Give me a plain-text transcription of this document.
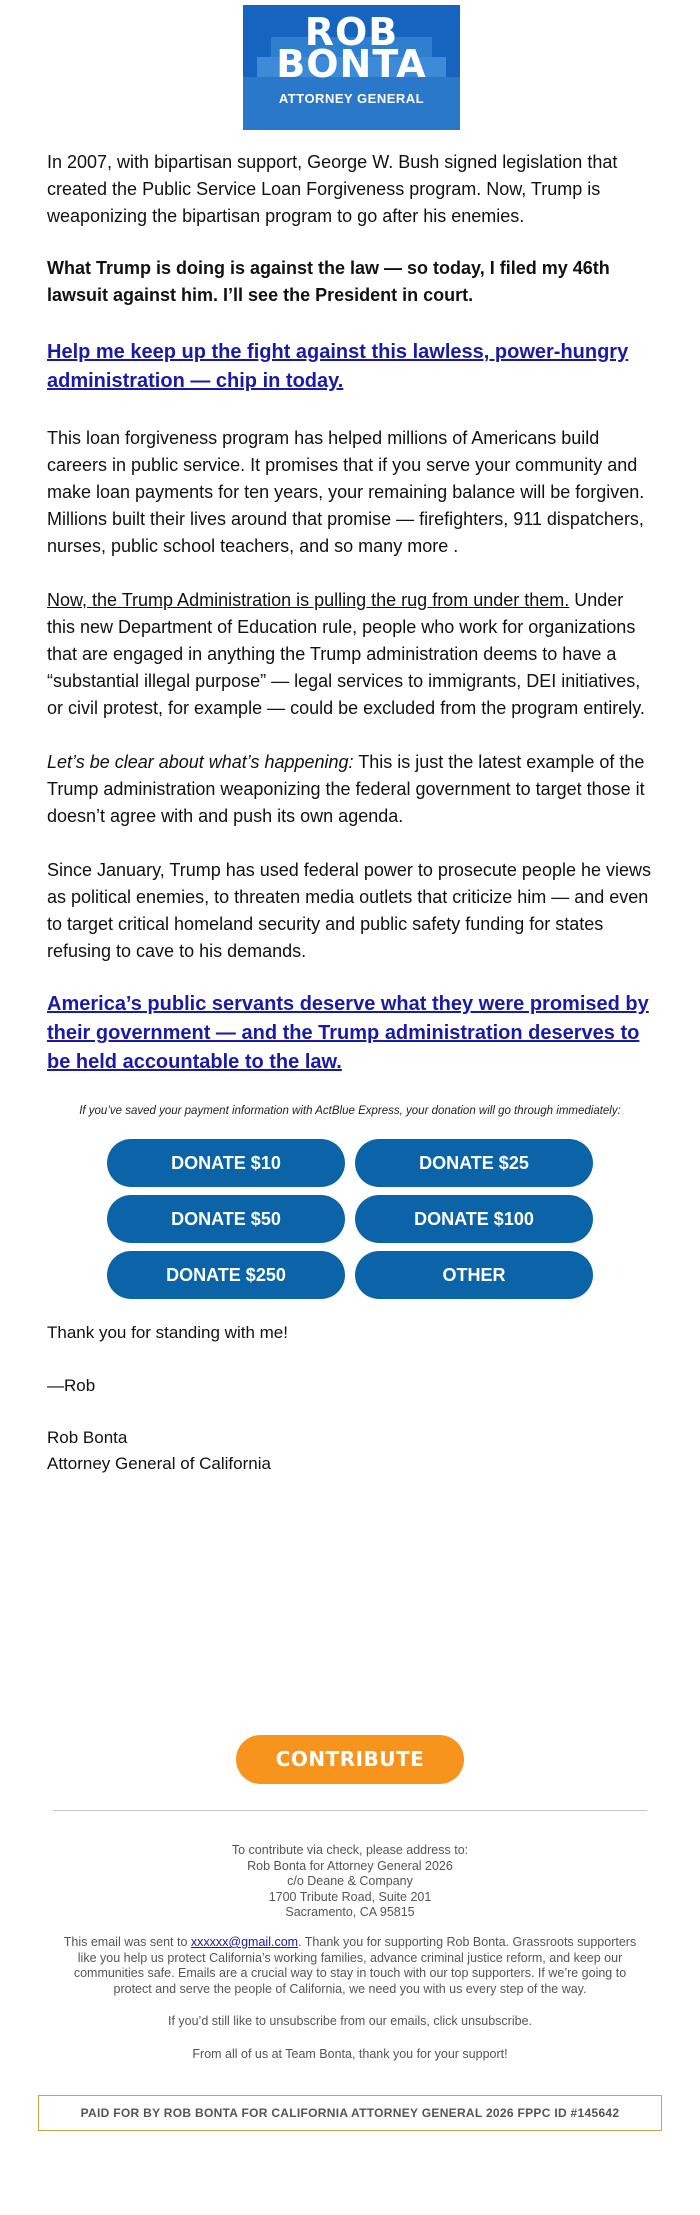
ROB
BONTA
ATTORNEY GENERAL

In 2007, with bipartisan support, George W. Bush signed legislation that created the Public Service Loan Forgiveness program. Now, Trump is weaponizing the bipartisan program to go after his enemies.

What Trump is doing is against the law — so today, I filed my 46th lawsuit against him. I’ll see the President in court.

Help me keep up the fight against this lawless, power-hungry administration — chip in today.

This loan forgiveness program has helped millions of Americans build careers in public service. It promises that if you serve your community and make loan payments for ten years, your remaining balance will be forgiven. Millions built their lives around that promise — firefighters, 911 dispatchers, nurses, public school teachers, and so many more .

Now, the Trump Administration is pulling the rug from under them. Under this new Department of Education rule, people who work for organizations that are engaged in anything the Trump administration deems to have a “substantial illegal purpose” — legal services to immigrants, DEI initiatives, or civil protest, for example — could be excluded from the program entirely.

Let’s be clear about what’s happening: This is just the latest example of the Trump administration weaponizing the federal government to target those it doesn’t agree with and push its own agenda.

Since January, Trump has used federal power to prosecute people he views as political enemies, to threaten media outlets that criticize him — and even to target critical homeland security and public safety funding for states refusing to cave to his demands.

America’s public servants deserve what they were promised by their government — and the Trump administration deserves to be held accountable to the law.
If you’ve saved your payment information with ActBlue Express, your donation will go through immediately:
DONATE $10	DONATE $25
DONATE $50	DONATE $100
DONATE $250	OTHER
Thank you for standing with me!
—Rob
Rob Bonta
Attorney General of California
CONTRIBUTE
To contribute via check, please address to:
Rob Bonta for Attorney General 2026
c/o Deane & Company
1700 Tribute Road, Suite 201
Sacramento, CA 95815
This email was sent to xxxxxx@gmail.com. Thank you for supporting Rob Bonta. Grassroots supporters like you help us protect California’s working families, advance criminal justice reform, and keep our communities safe. Emails are a crucial way to stay in touch with our top supporters. If we’re going to protect and serve the people of California, we need you with us every step of the way.
If you’d still like to unsubscribe from our emails, click unsubscribe.
From all of us at Team Bonta, thank you for your support!
PAID FOR BY ROB BONTA FOR CALIFORNIA ATTORNEY GENERAL 2026 FPPC ID #145642
